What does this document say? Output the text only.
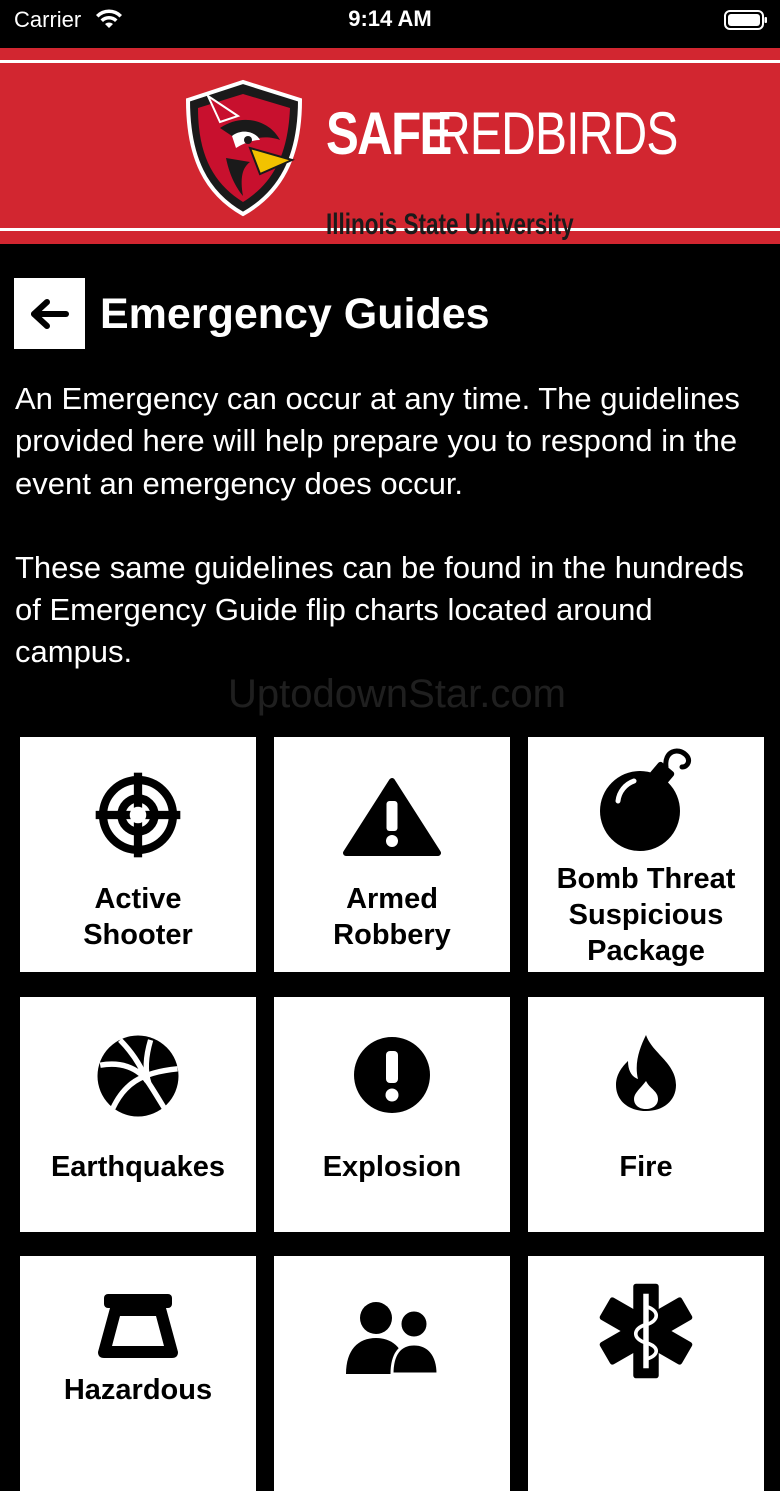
Carrier	9:14 AM
SAFE
REDBIRDS
Illinois State University
Emergency Guides

An Emergency can occur at any time. The guidelines provided here will help prepare you to respond in the event an emergency does occur.

These same guidelines can be found in the hundreds of Emergency Guide flip charts located around campus.

UptodownStar.com
Active
Shooter
Armed
Robbery
Bomb Threat
Suspicious
Package
Earthquakes	Explosion	Fire
Hazardous
